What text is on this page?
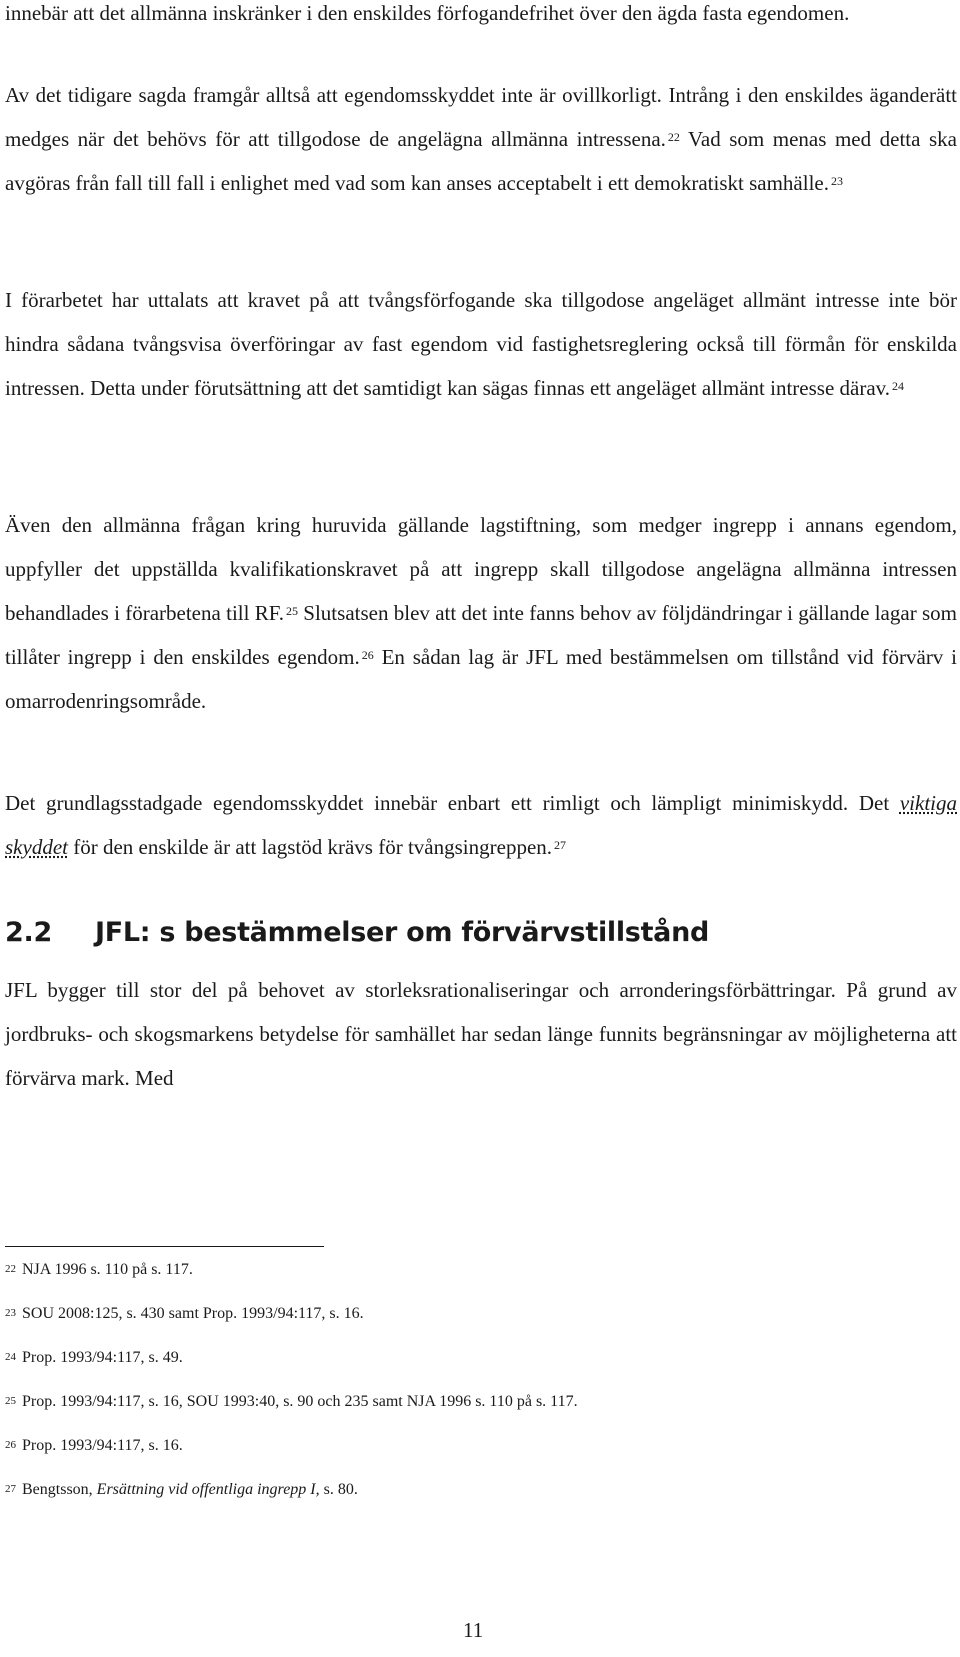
innebär att det allmänna inskränker i den enskildes förfogandefrihet över den ägda fasta egendomen.

Av det tidigare sagda framgår alltså att egendomsskyddet inte är ovillkorligt. Intrång i den enskildes äganderätt medges när det behövs för att tillgodose de angelägna allmänna intressena. $^{22}$ Vad som menas med detta ska avgöras från fall till fall i enlighet med vad som kan anses acceptabelt i ett demokratiskt samhälle. $^{23}$

I förarbetet har uttalats att kravet på att tvångsförfogande ska tillgodose angeläget allmänt intresse inte bör hindra sådana tvångsvisa överföringar av fast egendom vid fastighetsreglering också till förmån för enskilda intressen. Detta under förutsättning att det samtidigt kan sägas finnas ett angeläget allmänt intresse därav. $^{24}$

Även den allmänna frågan kring huruvida gällande lagstiftning, som medger ingrepp i annans egendom, uppfyller det uppställda kvalifikationskravet på att ingrepp skall tillgodose angelägna allmänna intressen behandlades i förarbetena till RF. $^{25}$ Slutsatsen blev att det inte fanns behov av följdändringar i gällande lagar som tillåter ingrepp i den enskildes egendom. $^{26}$ En sådan lag är JFL med bestämmelsen om tillstånd vid förvärv i omarrodenringsområde.

Det grundlagsstadgade egendomsskyddet innebär enbart ett rimligt och lämpligt minimiskydd. Det viktiga skyddet för den enskilde är att lagstöd krävs för tvångsingreppen. $^{27}$

2.2 JFL: s bestämmelser om förvärvstillstånd

JFL bygger till stor del på behovet av storleksrationaliseringar och arronderingsförbättringar. På grund av jordbruks- och skogsmarkens betydelse för samhället har sedan länge funnits begränsningar av möjligheterna att förvärva mark. Med

$^{22}$ NJA 1996 s. 110 på s. 117.
$^{23}$ SOU 2008:125, s. 430 samt Prop. 1993/94:117, s. 16.
$^{24}$ Prop. 1993/94:117, s. 49.
$^{25}$ Prop. 1993/94:117, s. 16, SOU 1993:40, s. 90 och 235 samt NJA 1996 s. 110 på s. 117.
$^{26}$ Prop. 1993/94:117, s. 16.
$^{27}$ Bengtsson, Ersättning vid offentliga ingrepp I, s. 80.
11
